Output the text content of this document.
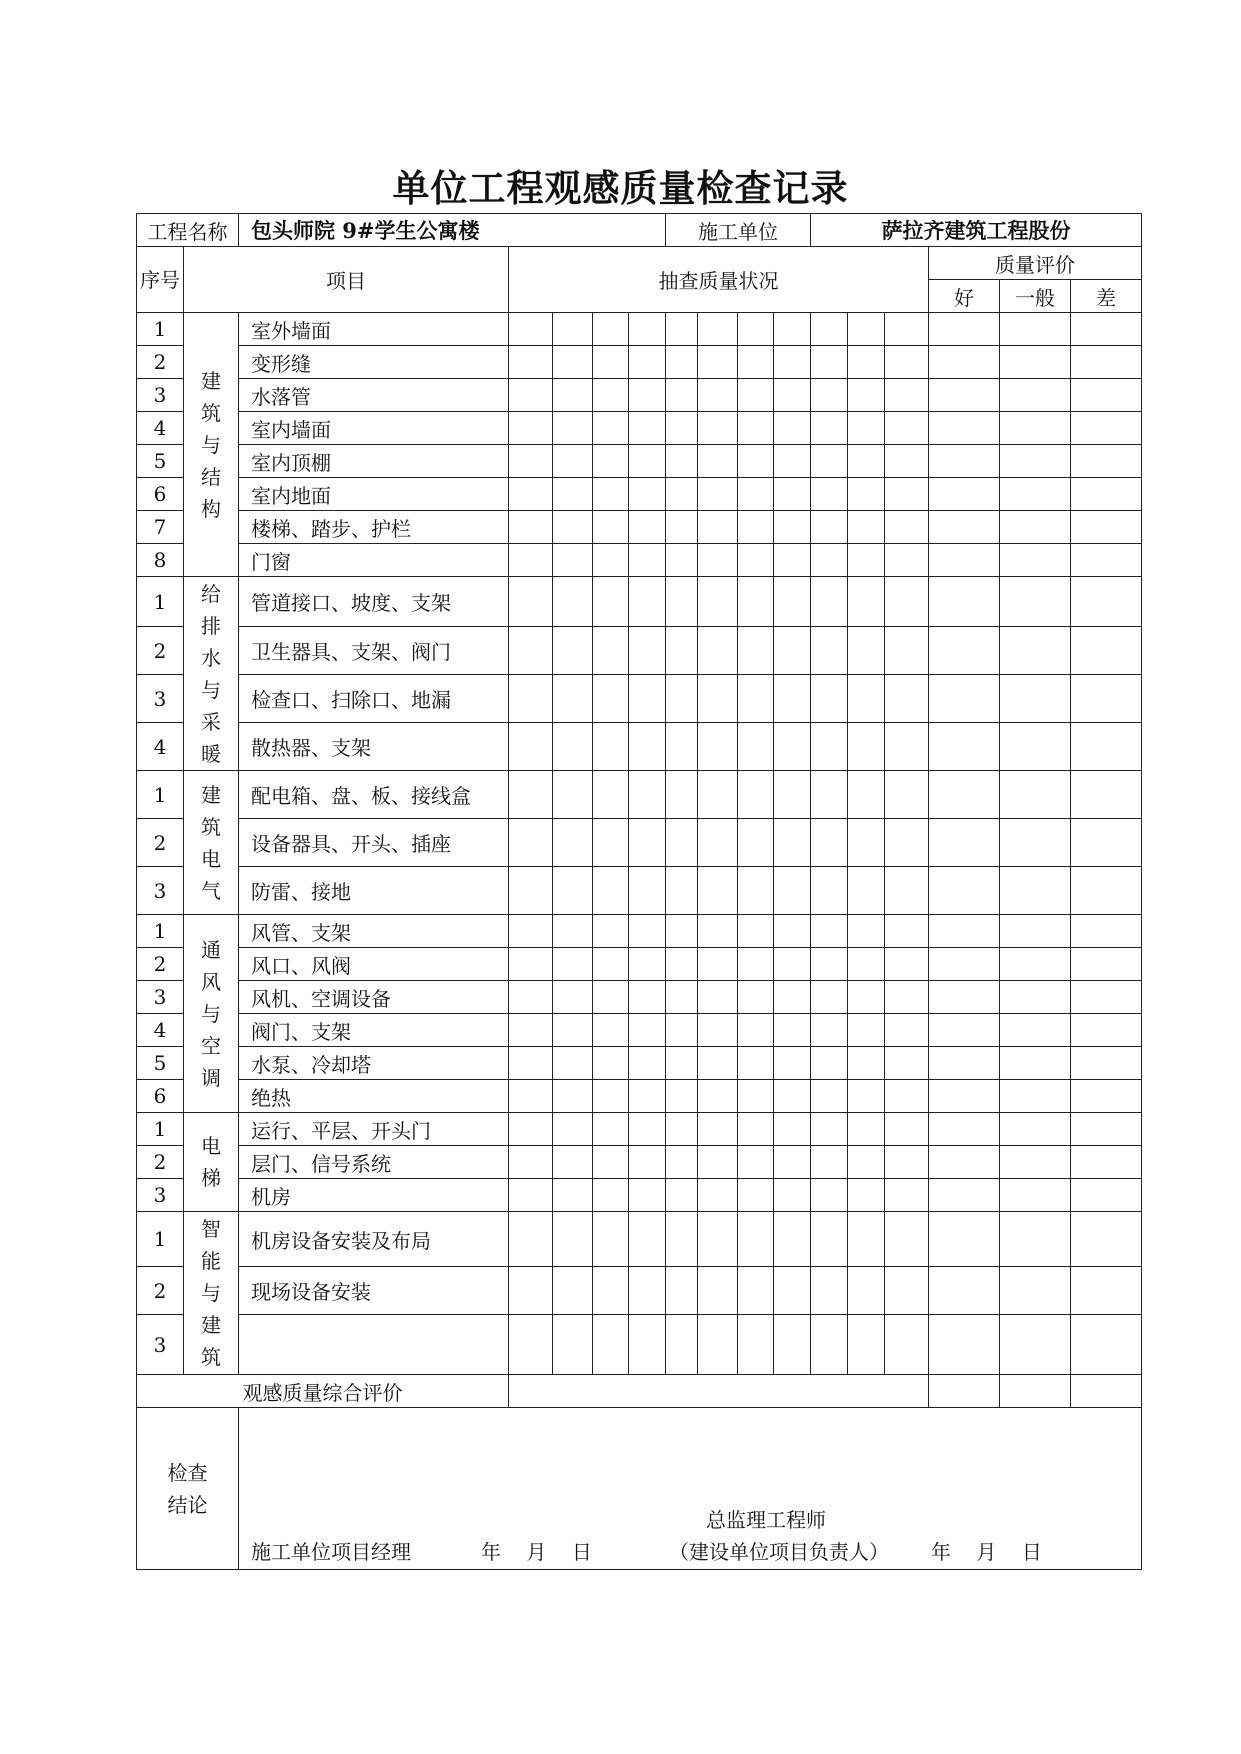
单位工程观感质量检查记录
工程名称		包头师院 9#学生公寓楼					施工单位				萨拉齐建筑工程股份					

序号	项目		抽查质量状况											质量评价		
														好	一般	差
1	建筑与结构	室外墙面														
2		变形缝														
3		水落管														
4		室内墙面														
5		室内顶棚														
6		室内地面														
7		楼梯、踏步、护栏														
8		门窗														
1	给排水与采暖	管道接口、坡度、支架														
2		卫生器具、支架、阀门														
3		检查口、扫除口、地漏														
4		散热器、支架														
1	建筑电气	配电箱、盘、板、接线盒														
2		设备器具、开头、插座														
3		防雷、接地														
1	通风与空调	风管、支架														
2		风口、风阀														
3		风机、空调设备														
4		阀门、支架														
5		水泵、冷却塔														
6		绝热														
1	电梯	运行、平层、开头门														
2		层门、信号系统														
3		机房														
1	智能与建筑	机房设备安装及布局														
2		现场设备安装														
3																
观感质量综合评价																
检查结论		施工单位项目经理 年    月    日
总监理工程师
（建设单位项目负责人） 年    月    日														
